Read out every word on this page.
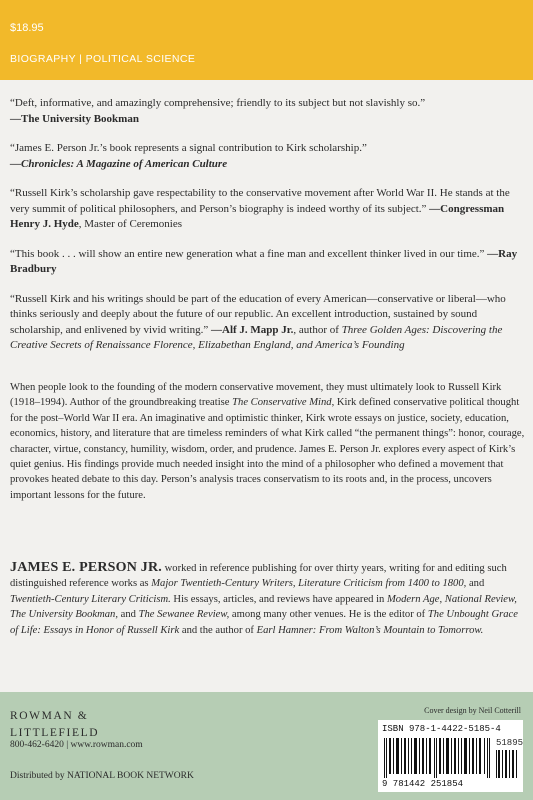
$18.95
BIOGRAPHY | POLITICAL SCIENCE
“Deft, informative, and amazingly comprehensive; friendly to its subject but not slavishly so.”
—The University Bookman
“James E. Person Jr.’s book represents a signal contribution to Kirk scholarship.”
—Chronicles: A Magazine of American Culture
“Russell Kirk’s scholarship gave respectability to the conservative movement after World War II. He stands at the very summit of political philosophers, and Person’s biography is indeed worthy of its subject.” —Congressman Henry J. Hyde, Master of Ceremonies
“This book . . . will show an entire new generation what a fine man and excellent thinker lived in our time.” —Ray Bradbury
“Russell Kirk and his writings should be part of the education of every American—conservative or liberal—who thinks seriously and deeply about the future of our republic. An excellent introduction, sustained by sound scholarship, and enlivened by vivid writing.” —Alf J. Mapp Jr., author of Three Golden Ages: Discovering the Creative Secrets of Renaissance Florence, Elizabethan England, and America’s Founding
When people look to the founding of the modern conservative movement, they must ultimately look to Russell Kirk (1918–1994). Author of the groundbreaking treatise The Conservative Mind, Kirk defined conservative political thought for the post–World War II era. An imaginative and optimistic thinker, Kirk wrote essays on justice, society, education, economics, history, and literature that are timeless reminders of what Kirk called “the permanent things”: honor, courage, character, virtue, constancy, humility, wisdom, order, and prudence. James E. Person Jr. explores every aspect of Kirk’s quiet genius. His findings provide much needed insight into the mind of a philosopher who defined a movement that provokes heated debate to this day. Person’s analysis traces conservatism to its roots and, in the process, uncovers important lessons for the future.
JAMES E. PERSON JR. worked in reference publishing for over thirty years, writing for and editing such distinguished reference works as Major Twentieth-Century Writers, Literature Criticism from 1400 to 1800, and Twentieth-Century Literary Criticism. His essays, articles, and reviews have appeared in Modern Age, National Review, The University Bookman, and The Sewanee Review, among many other venues. He is the editor of The Unbought Grace of Life: Essays in Honor of Russell Kirk and the author of Earl Hamner: From Walton’s Mountain to Tomorrow.
ROWMAN &
LITTLEFIELD
800-462-6420 | www.rowman.com
Distributed by NATIONAL BOOK NETWORK
Cover design by Neil Cotterill
ISBN 978-1-4422-5185-4
51895
9 781442 251854
